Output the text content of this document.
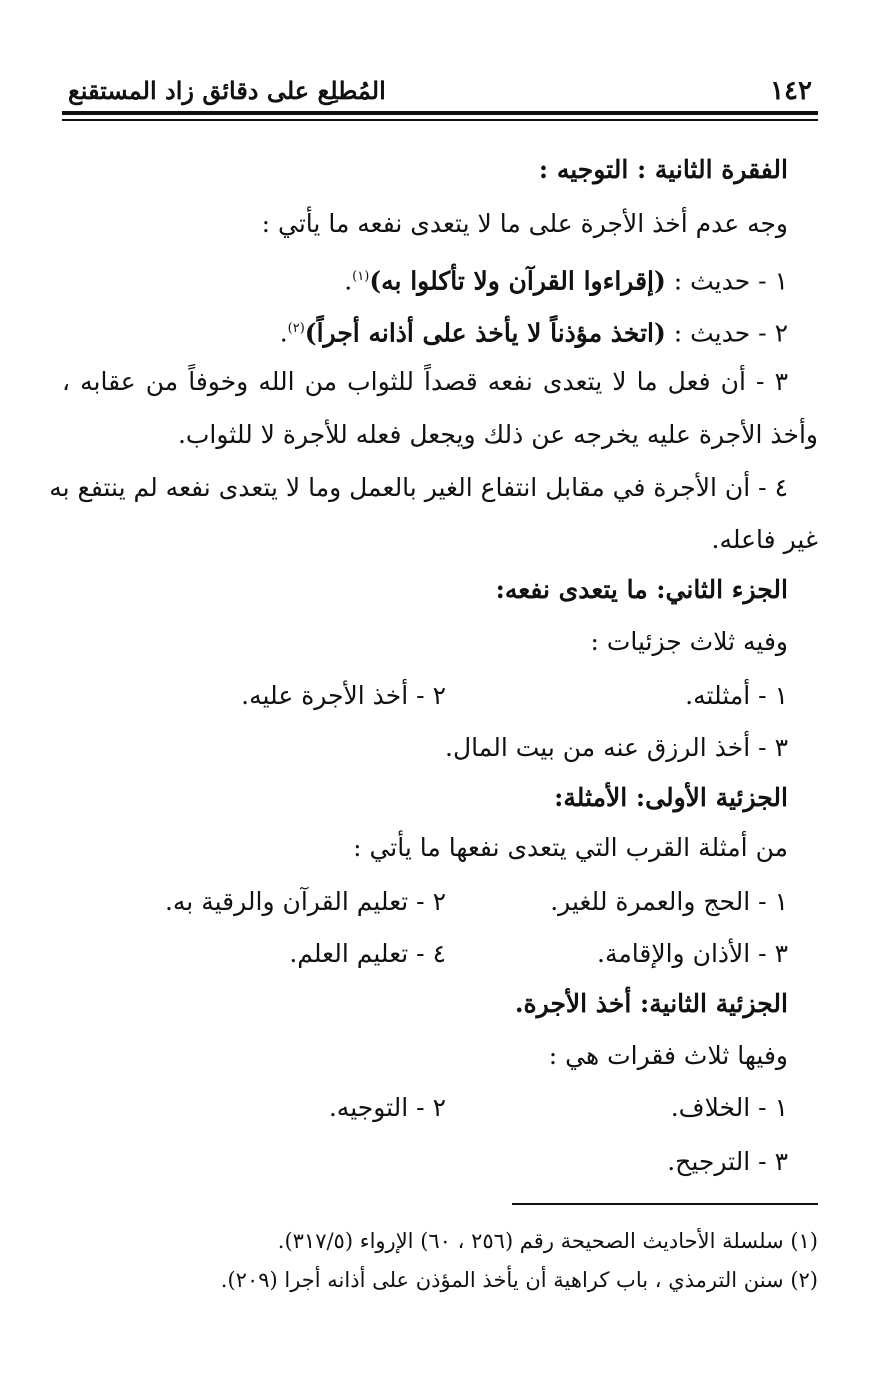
١٤٢
المُطلِع على دقائق زاد المستقنع
الفقرة الثانية : التوجيه :
وجه عدم أخذ الأجرة على ما لا يتعدى نفعه ما يأتي :
١ - حديث : (إقراءوا القرآن ولا تأكلوا به)$^{(١)}$.
٢ - حديث : (اتخذ مؤذناً لا يأخذ على أذانه أجراً)$^{(٢)}$.
٣ - أن فعل ما لا يتعدى نفعه قصداً للثواب من الله وخوفاً من عقابه ،
وأخذ الأجرة عليه يخرجه عن ذلك ويجعل فعله للأجرة لا للثواب.
٤ - أن الأجرة في مقابل انتفاع الغير بالعمل وما لا يتعدى نفعه لم ينتفع به
غير فاعله.
الجزء الثاني: ما يتعدى نفعه:
وفيه ثلاث جزئيات :
١ - أمثلته.
٢ - أخذ الأجرة عليه.
٣ - أخذ الرزق عنه من بيت المال.
الجزئية الأولى: الأمثلة:
من أمثلة القرب التي يتعدى نفعها ما يأتي :
١ - الحج والعمرة للغير.
٢ - تعليم القرآن والرقية به.
٣ - الأذان والإقامة.
٤ - تعليم العلم.
الجزئية الثانية: أخذ الأجرة.
وفيها ثلاث فقرات هي :
١ - الخلاف.
٢ - التوجيه.
٣ - الترجيح.
(١) سلسلة الأحاديث الصحيحة رقم (٢٥٦ ، ٦٠) الإرواء (٣١٧/٥).
(٢) سنن الترمذي ، باب كراهية أن يأخذ المؤذن على أذانه أجرا (٢٠٩).
